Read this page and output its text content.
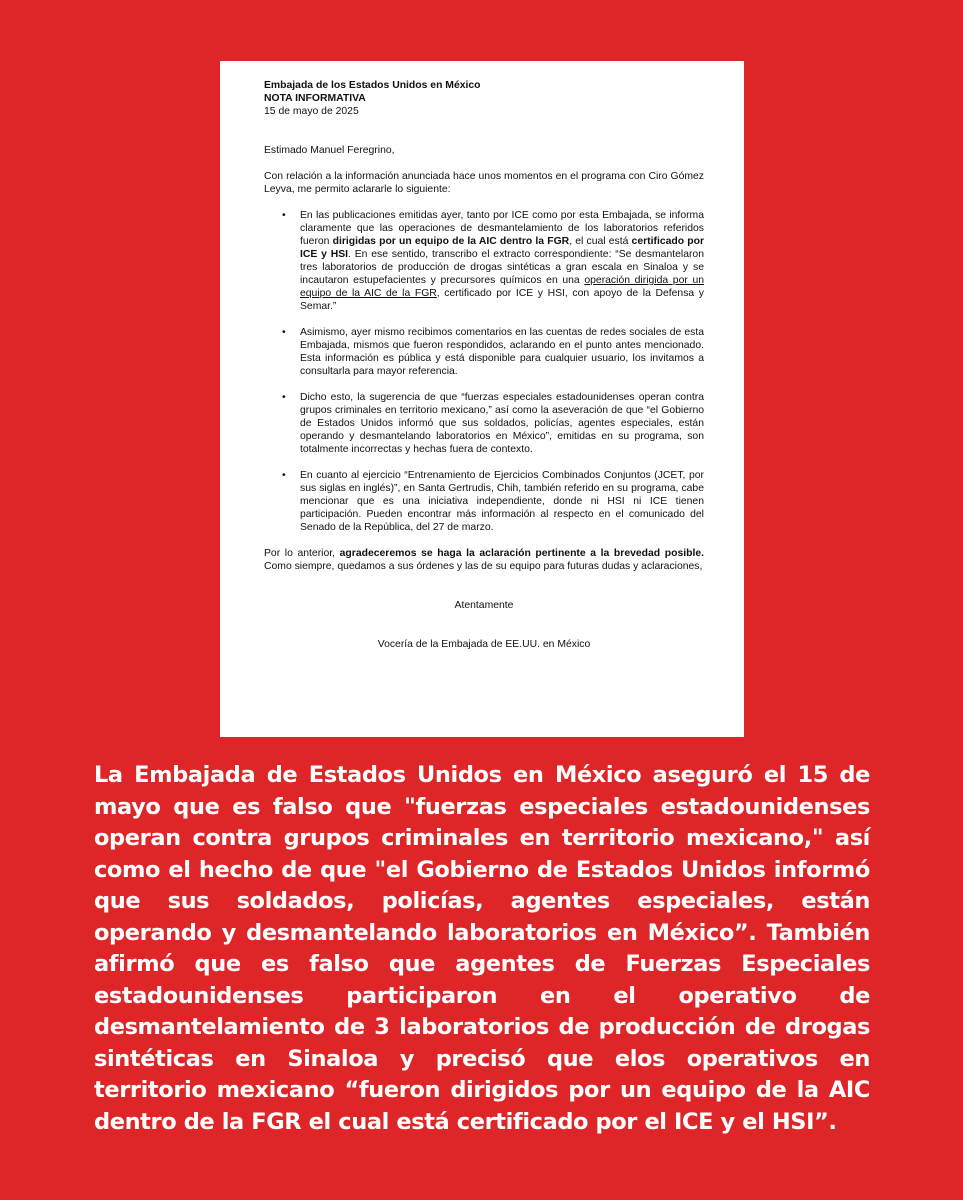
Embajada de los Estados Unidos en México
NOTA INFORMATIVA
15 de mayo de 2025

Estimado Manuel Feregrino,

Con relación a la información anunciada hace unos momentos en el programa con Ciro Gómez Leyva, me permito aclararle lo siguiente:

• En las publicaciones emitidas ayer, tanto por ICE como por esta Embajada, se informa claramente que las operaciones de desmantelamiento de los laboratorios referidos fueron dirigidas por un equipo de la AIC dentro la FGR, el cual está certificado por ICE y HSI. En ese sentido, transcribo el extracto correspondiente: “Se desmantelaron tres laboratorios de producción de drogas sintéticas a gran escala en Sinaloa y se incautaron estupefacientes y precursores químicos en una operación dirigida por un equipo de la AIC de la FGR, certificado por ICE y HSI, con apoyo de la Defensa y Semar.”
• Asimismo, ayer mismo recibimos comentarios en las cuentas de redes sociales de esta Embajada, mismos que fueron respondidos, aclarando en el punto antes mencionado. Esta información es pública y está disponible para cualquier usuario, los invitamos a consultarla para mayor referencia.
• Dicho esto, la sugerencia de que “fuerzas especiales estadounidenses operan contra grupos criminales en territorio mexicano,” así como la aseveración de que “el Gobierno de Estados Unidos informó que sus soldados, policías, agentes especiales, están operando y desmantelando laboratorios en México”, emitidas en su programa, son totalmente incorrectas y hechas fuera de contexto.
• En cuanto al ejercicio “Entrenamiento de Ejercicios Combinados Conjuntos (JCET, por sus siglas en inglés)”, en Santa Gertrudis, Chih, también referido en su programa, cabe mencionar que es una iniciativa independiente, donde ni HSI ni ICE tienen participación. Pueden encontrar más información al respecto en el comunicado del Senado de la República, del 27 de marzo.

Por lo anterior, agradeceremos se haga la aclaración pertinente a la brevedad posible. Como siempre, quedamos a sus órdenes y las de su equipo para futuras dudas y aclaraciones,

Atentamente

Vocería de la Embajada de EE.UU. en México

La Embajada de Estados Unidos en México aseguró el 15 de mayo que es falso que "fuerzas especiales estadounidenses operan contra grupos criminales en territorio mexicano," así como el hecho de que "el Gobierno de Estados Unidos informó que sus soldados, policías, agentes especiales, están operando y desmantelando laboratorios en México”. También afirmó que es falso que agentes de Fuerzas Especiales estadounidenses participaron en el operativo de desmantelamiento de 3 laboratorios de producción de drogas sintéticas en Sinaloa y precisó que elos operativos en territorio mexicano “fueron dirigidos por un equipo de la AIC dentro de la FGR el cual está certificado por el ICE y el HSI”.
